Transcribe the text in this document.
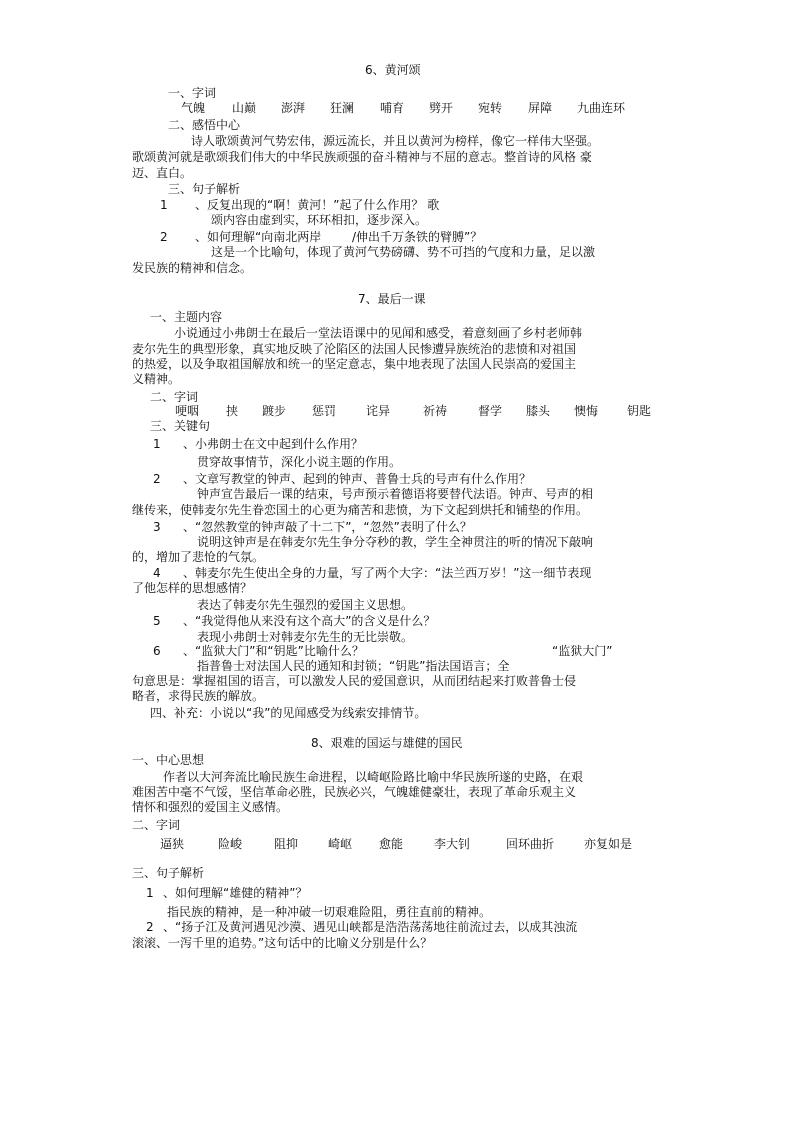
6、黄河颂
一、字词
气魄 山巅 澎湃 狂澜 哺育 劈开 宛转 屏障 九曲连环
二、感悟中心
诗人歌颂黄河气势宏伟，源远流长，并且以黄河为榜样，像它一样伟大坚强。
歌颂黄河就是歌颂我们伟大的中华民族顽强的奋斗精神与不屈的意志。整首诗的风格 豪
迈、直白。
三、句子解析
1 、反复出现的“啊！黄河！”起了什么作用？ 歌
颂内容由虚到实，环环相扣，逐步深入。
2 、如何理解“向南北两岸	/伸出千万条铁的臂膊”？
这是一个比喻句，体现了黄河气势磅礴、势不可挡的气度和力量，足以激
发民族的精神和信念。
7、最后一课
一、主题内容
小说通过小弗朗士在最后一堂法语课中的见闻和感受，着意刻画了乡村老师韩
麦尔先生的典型形象，真实地反映了沦陷区的法国人民惨遭异族统治的悲愤和对祖国
的热爱，以及争取祖国解放和统一的坚定意志，集中地表现了法国人民崇高的爱国主
义精神。
二、字词
哽咽 挟 踱步 惩罚 诧异	祈祷	督学 膝头 懊悔 钥匙
三、关键句
1 、小弗朗士在文中起到什么作用？
贯穿故事情节，深化小说主题的作用。
2 、文章写教堂的钟声、起到的钟声、普鲁士兵的号声有什么作用？
钟声宣告最后一课的结束，号声预示着德语将要替代法语。钟声、号声的相
继传来，使韩麦尔先生眷恋国土的心更为痛苦和悲愤，为下文起到烘托和铺垫的作用。
3 、“忽然教堂的钟声敲了十二下”，“忽然”表明了什么？
说明这钟声是在韩麦尔先生争分夺秒的教，学生全神贯注的听的情况下敲响
的，增加了悲怆的气氛。
4 、韩麦尔先生使出全身的力量，写了两个大字：“法兰西万岁！”这一细节表现
了他怎样的思想感情？
表达了韩麦尔先生强烈的爱国主义思想。
5 、“我觉得他从来没有这个高大”的含义是什么？
表现小弗朗士对韩麦尔先生的无比崇敬。
6 、“监狱大门”和“钥匙”比喻什么？	“监狱大门”
指普鲁士对法国人民的通知和封锁；“钥匙”指法国语言；全
句意思是：掌握祖国的语言，可以激发人民的爱国意识，从而团结起来打败普鲁士侵
略者，求得民族的解放。
四、补充：小说以“我”的见闻感受为线索安排情节。
8、艰难的国运与雄健的国民
一、中心思想
作者以大河奔流比喻民族生命进程，以崎岖险路比喻中华民族所遂的史路，在艰
难困苦中毫不气馁，坚信革命必胜，民族必兴，气魄雄健豪壮，表现了革命乐观主义
情怀和强烈的爱国主义感情。
二、字词
逼狭	险峻	阻抑 崎岖 愈能	李大钊	回环曲折 亦复如是
三、句子解析
1 、如何理解“雄健的精神”？
指民族的精神，是一种冲破一切艰难险阻，勇往直前的精神。
2 、“扬子江及黄河遇见沙漠、遇见山峡都是浩浩荡荡地往前流过去，以成其浊流
滚滚、一泻千里的追势。”这句话中的比喻义分别是什么？
